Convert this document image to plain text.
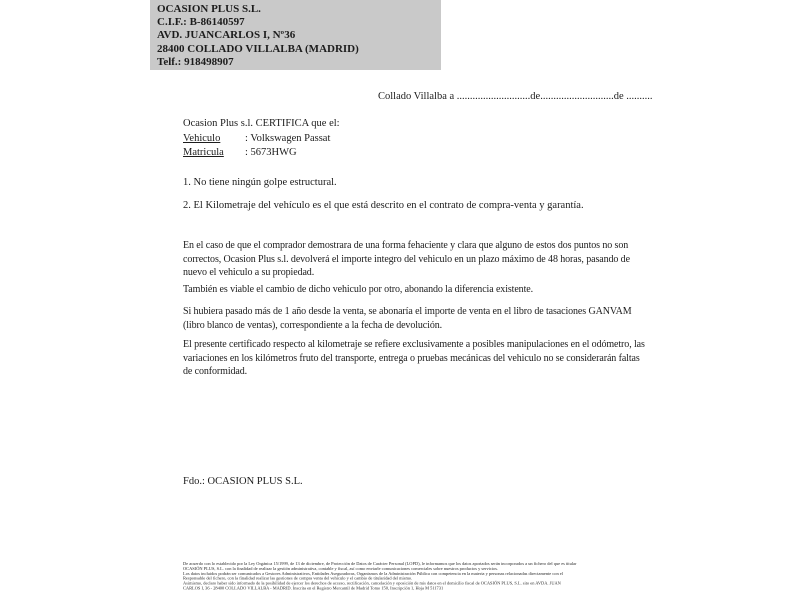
OCASION PLUS S.L.
C.I.F.: B-86140597
AVD. JUANCARLOS I, Nº36
28400 COLLADO VILLALBA (MADRID)
Telf.: 918498907
Collado Villalba a ............................de............................de ..........
Ocasion Plus s.l. CERTIFICA que el:
Vehiculo : Volkswagen Passat
Matricula : 5673HWG
1. No tiene ningún golpe estructural.
2. El Kilometraje del vehículo es el que está descrito en el contrato de compra-venta y garantía.
En el caso de que el comprador demostrara de una forma fehaciente y clara que alguno de estos dos puntos no son correctos, Ocasion Plus s.l. devolverá el importe integro del vehiculo en un plazo máximo de 48 horas, pasando de nuevo el vehiculo a su propiedad.
También es viable el cambio de dicho vehiculo por otro, abonando la diferencia existente.
Si hubiera pasado más de 1 año desde la venta, se abonaría el importe de venta en el libro de tasaciones GANVAM (libro blanco de ventas), correspondiente a la fecha de devolución.
El presente certificado respecto al kilometraje se refiere exclusivamente a posibles manipulaciones en el odómetro, las variaciones en los kilómetros fruto del transporte, entrega o pruebas mecánicas del vehiculo no se considerarán faltas de conformidad.
Fdo.: OCASION PLUS S.L.
De acuerdo con lo establecido por la Ley Orgánica 15/1999, de 13 de diciembre, de Protección de Datos de Carácter Personal (LOPD), le informamos que los datos aportados serán incorporados a un fichero del que es titular
OCASIÓN PLUS, S.L. con la finalidad de realizar la gestión administrativa, contable y fiscal, así como enviarle comunicaciones comerciales sobre nuestros productos y servicios.
Los datos incluidos podrán ser comunicados a Gestores Administrativos, Entidades Aseguradoras, Organismos de la Administración Pública con competencia en la materia y personas relacionadas directamente con el
Responsable del fichero, con la finalidad realizar las gestiones de compra venta del vehículo y el cambio de titularidad del mismo.
Asimismo, declaro haber sido informado de la posibilidad de ejercer los derechos de acceso, rectificación, cancelación y oposición de mis datos en el domicilio fiscal de OCASIÓN PLUS, S.L. sito en AVDA. JUAN
CARLOS I, 36 - 28400 COLLADO VILLALBA - MADRID. Inscrita en el Registro Mercantil de Madrid Tomo 150, Inscripción 1, Hoja M 511731
